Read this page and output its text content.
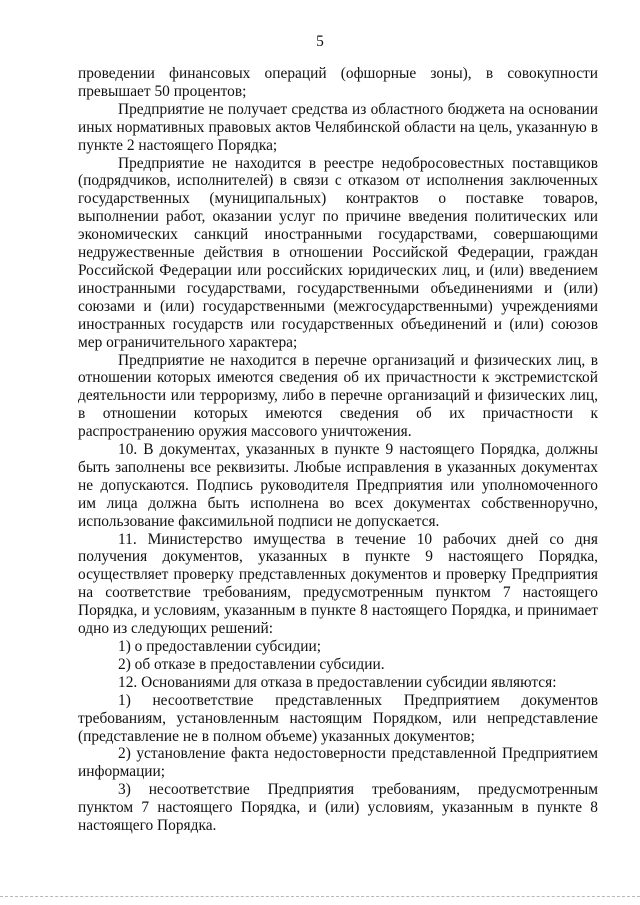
5

проведении финансовых операций (офшорные зоны), в совокупности превышает 50 процентов;

Предприятие не получает средства из областного бюджета на основании иных нормативных правовых актов Челябинской области на цель, указанную в пункте 2 настоящего Порядка;

Предприятие не находится в реестре недобросовестных поставщиков (подрядчиков, исполнителей) в связи с отказом от исполнения заключенных государственных (муниципальных) контрактов о поставке товаров, выполнении работ, оказании услуг по причине введения политических или экономических санкций иностранными государствами, совершающими недружественные действия в отношении Российской Федерации, граждан Российской Федерации или российских юридических лиц, и (или) введением иностранными государствами, государственными объединениями и (или) союзами и (или) государственными (межгосударственными) учреждениями иностранных государств или государственных объединений и (или) союзов мер ограничительного характера;

Предприятие не находится в перечне организаций и физических лиц, в отношении которых имеются сведения об их причастности к экстремистской деятельности или терроризму, либо в перечне организаций и физических лиц, в отношении которых имеются сведения об их причастности к распространению оружия массового уничтожения.

10. В документах, указанных в пункте 9 настоящего Порядка, должны быть заполнены все реквизиты. Любые исправления в указанных документах не допускаются. Подпись руководителя Предприятия или уполномоченного им лица должна быть исполнена во всех документах собственноручно, использование факсимильной подписи не допускается.

11. Министерство имущества в течение 10 рабочих дней со дня получения документов, указанных в пункте 9 настоящего Порядка, осуществляет проверку представленных документов и проверку Предприятия на соответствие требованиям, предусмотренным пунктом 7 настоящего Порядка, и условиям, указанным в пункте 8 настоящего Порядка, и принимает одно из следующих решений:

1) о предоставлении субсидии;

2) об отказе в предоставлении субсидии.

12. Основаниями для отказа в предоставлении субсидии являются:

1) несоответствие представленных Предприятием документов требованиям, установленным настоящим Порядком, или непредставление (представление не в полном объеме) указанных документов;

2) установление факта недостоверности представленной Предприятием информации;

3) несоответствие Предприятия требованиям, предусмотренным пунктом 7 настоящего Порядка, и (или) условиям, указанным в пункте 8 настоящего Порядка.
